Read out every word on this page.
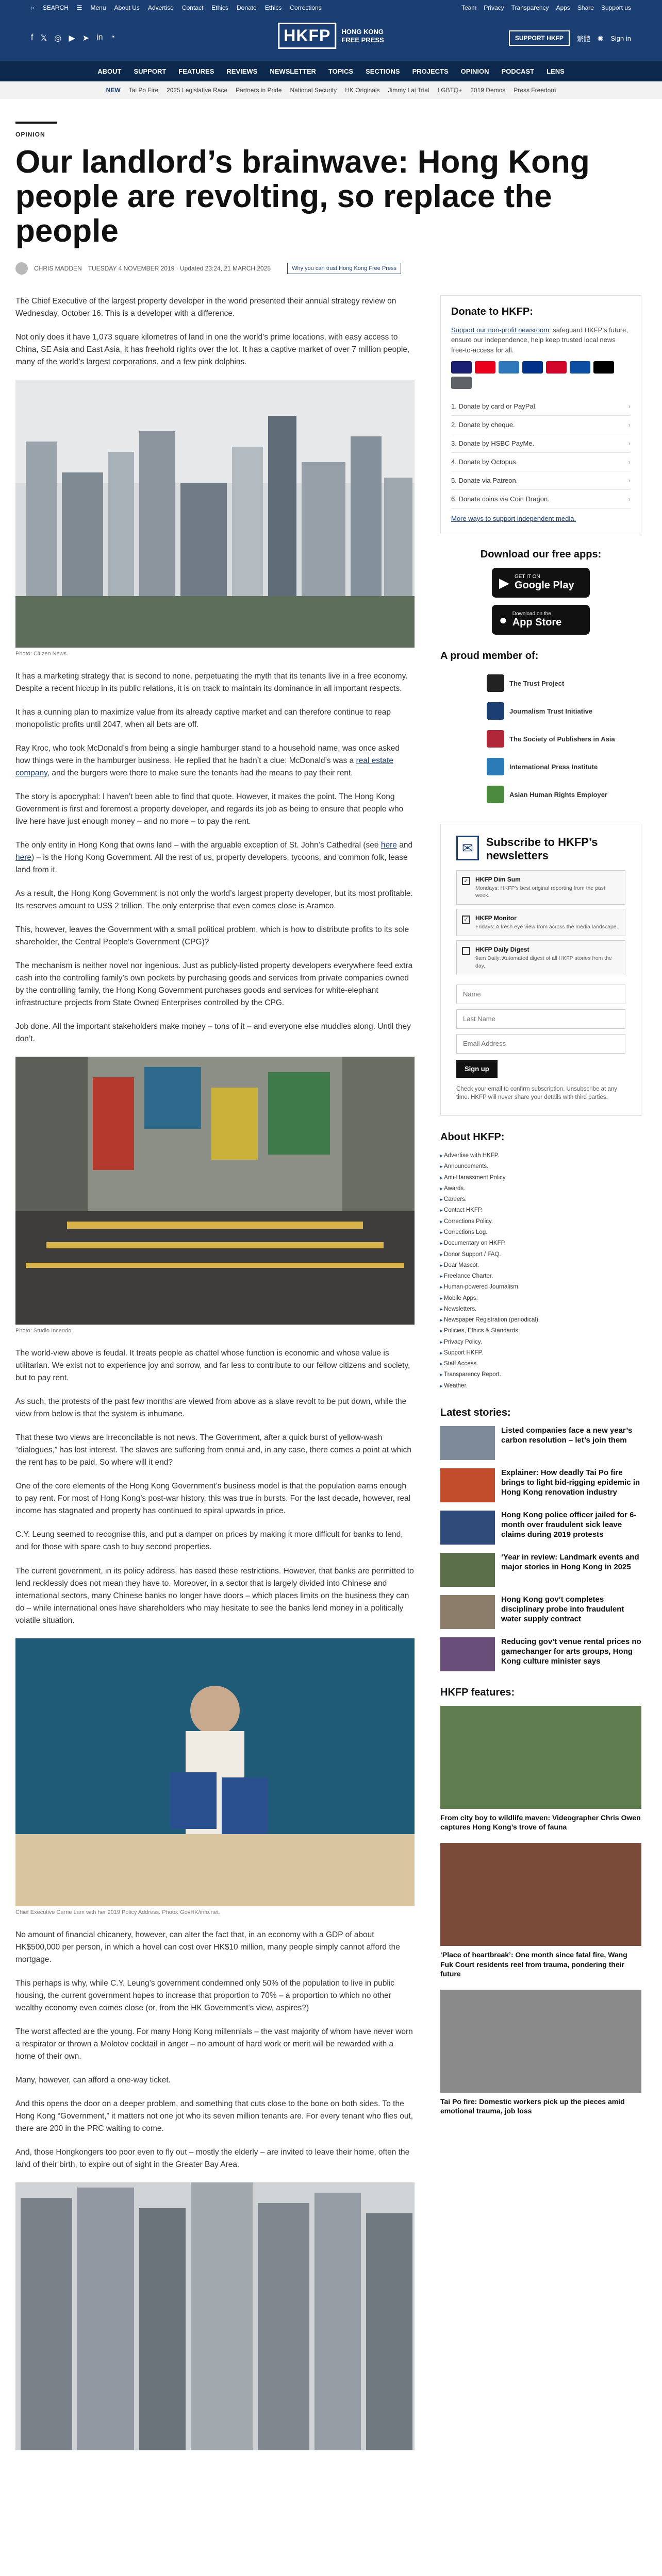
⌕ SEARCH ☰ Menu About Us Advertise Contact Ethics Donate Ethics Corrections	Team Privacy Transparency Apps Share Support us
f 𝕏 ◎ ▶ ➤ in ◔	HKFP	HONG KONG
FREE PRESS	SUPPORT HKFP	繁體 ◉ Sign in
ABOUT SUPPORT FEATURES REVIEWS NEWSLETTER TOPICS SECTIONS PROJECTS OPINION PODCAST LENS
NEW Tai Po Fire 2025 Legislative Race Partners in Pride National Security HK Originals Jimmy Lai Trial LGBTQ+ 2019 Demos Press Freedom
OPINION
Our landlord’s brainwave: Hong Kong people are revolting, so replace the people
CHRIS MADDEN TUESDAY 4 NOVEMBER 2019 · Updated 23:24, 21 MARCH 2025	Why you can trust Hong Kong Free Press

The Chief Executive of the largest property developer in the world presented their annual strategy review on Wednesday, October 16. This is a developer with a difference.

Not only does it have 1,073 square kilometres of land in one the world’s prime locations, with easy access to China, SE Asia and East Asia, it has freehold rights over the lot. It has a captive market of over 7 million people, many of the world’s largest corporations, and a few pink dolphins.

Photo: Citizen News.

It has a marketing strategy that is second to none, perpetuating the myth that its tenants live in a free economy. Despite a recent hiccup in its public relations, it is on track to maintain its dominance in all important respects.

It has a cunning plan to maximize value from its already captive market and can therefore continue to reap monopolistic profits until 2047, when all bets are off.

Ray Kroc, who took McDonald’s from being a single hamburger stand to a household name, was once asked how things were in the hamburger business. He replied that he hadn’t a clue: McDonald’s was a real estate company, and the burgers were there to make sure the tenants had the means to pay their rent.

The story is apocryphal: I haven’t been able to find that quote. However, it makes the point. The Hong Kong Government is first and foremost a property developer, and regards its job as being to ensure that people who live here have just enough money – and no more – to pay the rent.

The only entity in Hong Kong that owns land – with the arguable exception of St. John’s Cathedral (see here and here) – is the Hong Kong Government. All the rest of us, property developers, tycoons, and common folk, lease land from it.

As a result, the Hong Kong Government is not only the world’s largest property developer, but its most profitable. Its reserves amount to US$ 2 trillion. The only enterprise that even comes close is Aramco.

This, however, leaves the Government with a small political problem, which is how to distribute profits to its sole shareholder, the Central People’s Government (CPG)?

The mechanism is neither novel nor ingenious. Just as publicly-listed property developers everywhere feed extra cash into the controlling family’s own pockets by purchasing goods and services from private companies owned by the controlling family, the Hong Kong Government purchases goods and services for white-elephant infrastructure projects from State Owned Enterprises controlled by the CPG.

Job done. All the important stakeholders make money – tons of it – and everyone else muddles along. Until they don’t.

Photo: Studio Incendo.

The world-view above is feudal. It treats people as chattel whose function is economic and whose value is utilitarian. We exist not to experience joy and sorrow, and far less to contribute to our fellow citizens and society, but to pay rent.

As such, the protests of the past few months are viewed from above as a slave revolt to be put down, while the view from below is that the system is inhumane.

That these two views are irreconcilable is not news. The Government, after a quick burst of yellow-wash “dialogues,” has lost interest. The slaves are suffering from ennui and, in any case, there comes a point at which the rent has to be paid. So where will it end?

One of the core elements of the Hong Kong Government’s business model is that the population earns enough to pay rent. For most of Hong Kong’s post-war history, this was true in bursts. For the last decade, however, real income has stagnated and property has continued to spiral upwards in price.

C.Y. Leung seemed to recognise this, and put a damper on prices by making it more difficult for banks to lend, and for those with spare cash to buy second properties.

The current government, in its policy address, has eased these restrictions. However, that banks are permitted to lend recklessly does not mean they have to. Moreover, in a sector that is largely divided into Chinese and international sectors, many Chinese banks no longer have doors – which places limits on the business they can do – while international ones have shareholders who may hesitate to see the banks lend money in a politically volatile situation.

Chief Executive Carrie Lam with her 2019 Policy Address. Photo: GovHK/info.net.

No amount of financial chicanery, however, can alter the fact that, in an economy with a GDP of about HK$500,000 per person, in which a hovel can cost over HK$10 million, many people simply cannot afford the mortgage.

This perhaps is why, while C.Y. Leung’s government condemned only 50% of the population to live in public housing, the current government hopes to increase that proportion to 70% – a proportion to which no other wealthy economy even comes close (or, from the HK Government’s view, aspires?)

The worst affected are the young. For many Hong Kong millennials – the vast majority of whom have never worn a respirator or thrown a Molotov cocktail in anger – no amount of hard work or merit will be rewarded with a home of their own.

Many, however, can afford a one-way ticket.

And this opens the door on a deeper problem, and something that cuts close to the bone on both sides. To the Hong Kong “Government,” it matters not one jot who its seven million tenants are. For every tenant who flies out, there are 200 in the PRC waiting to come.

And, those Hongkongers too poor even to fly out – mostly the elderly – are invited to leave their home, often the land of their birth, to expire out of sight in the Greater Bay Area.

Donate to HKFP:
Support our non-profit newsroom: safeguard HKFP’s future, ensure our independence, help keep trusted local news free-to-access for all.
1. Donate by card or PayPal.	›
2. Donate by cheque.	›
3. Donate by HSBC PayMe.	›
4. Donate by Octopus.	›
5. Donate via Patreon.	›
6. Donate coins via Coin Dragon.	›
More ways to support independent media.
Download our free apps:
▶ GET IT ON
Google Play
● Download on the
App Store
A proud member of:
The Trust Project
Journalism Trust Initiative
The Society of Publishers in Asia
International Press Institute
Asian Human Rights Employer
✉	Subscribe to HKFP’s newsletters
✓ HKFP Dim Sum
Mondays: HKFP’s best original reporting from the past week.
✓ HKFP Monitor
Fridays: A fresh eye view from across the media landscape.
HKFP Daily Digest
9am Daily: Automated digest of all HKFP stories from the day.
Name Last Name Email Address Sign up
Check your email to confirm subscription. Unsubscribe at any time. HKFP will never share your details with third parties.
About HKFP:
▸ Advertise with HKFP.
▸ Announcements.
▸ Anti-Harassment Policy.
▸ Awards.
▸ Careers.
▸ Contact HKFP.
▸ Corrections Policy.
▸ Corrections Log.
▸ Documentary on HKFP.
▸ Donor Support / FAQ.
▸ Dear Mascot.
▸ Freelance Charter.
▸ Human-powered Journalism.
▸ Mobile Apps.
▸ Newsletters.
▸ Newspaper Registration (periodical).
▸ Policies, Ethics & Standards.
▸ Privacy Policy.
▸ Support HKFP.
▸ Staff Access.
▸ Transparency Report.
▸ Weather.
Latest stories:
Listed companies face a new year’s carbon resolution – let’s join them
Explainer: How deadly Tai Po fire brings to light bid-rigging epidemic in Hong Kong renovation industry
Hong Kong police officer jailed for 6-month over fraudulent sick leave claims during 2019 protests
‘Year in review: Landmark events and major stories in Hong Kong in 2025
Hong Kong gov’t completes disciplinary probe into fraudulent water supply contract
Reducing gov’t venue rental prices no gamechanger for arts groups, Hong Kong culture minister says
HKFP features:
From city boy to wildlife maven: Videographer Chris Owen captures Hong Kong’s trove of fauna
‘Place of heartbreak’: One month since fatal fire, Wang Fuk Court residents reel from trauma, pondering their future
Tai Po fire: Domestic workers pick up the pieces amid emotional trauma, job loss
